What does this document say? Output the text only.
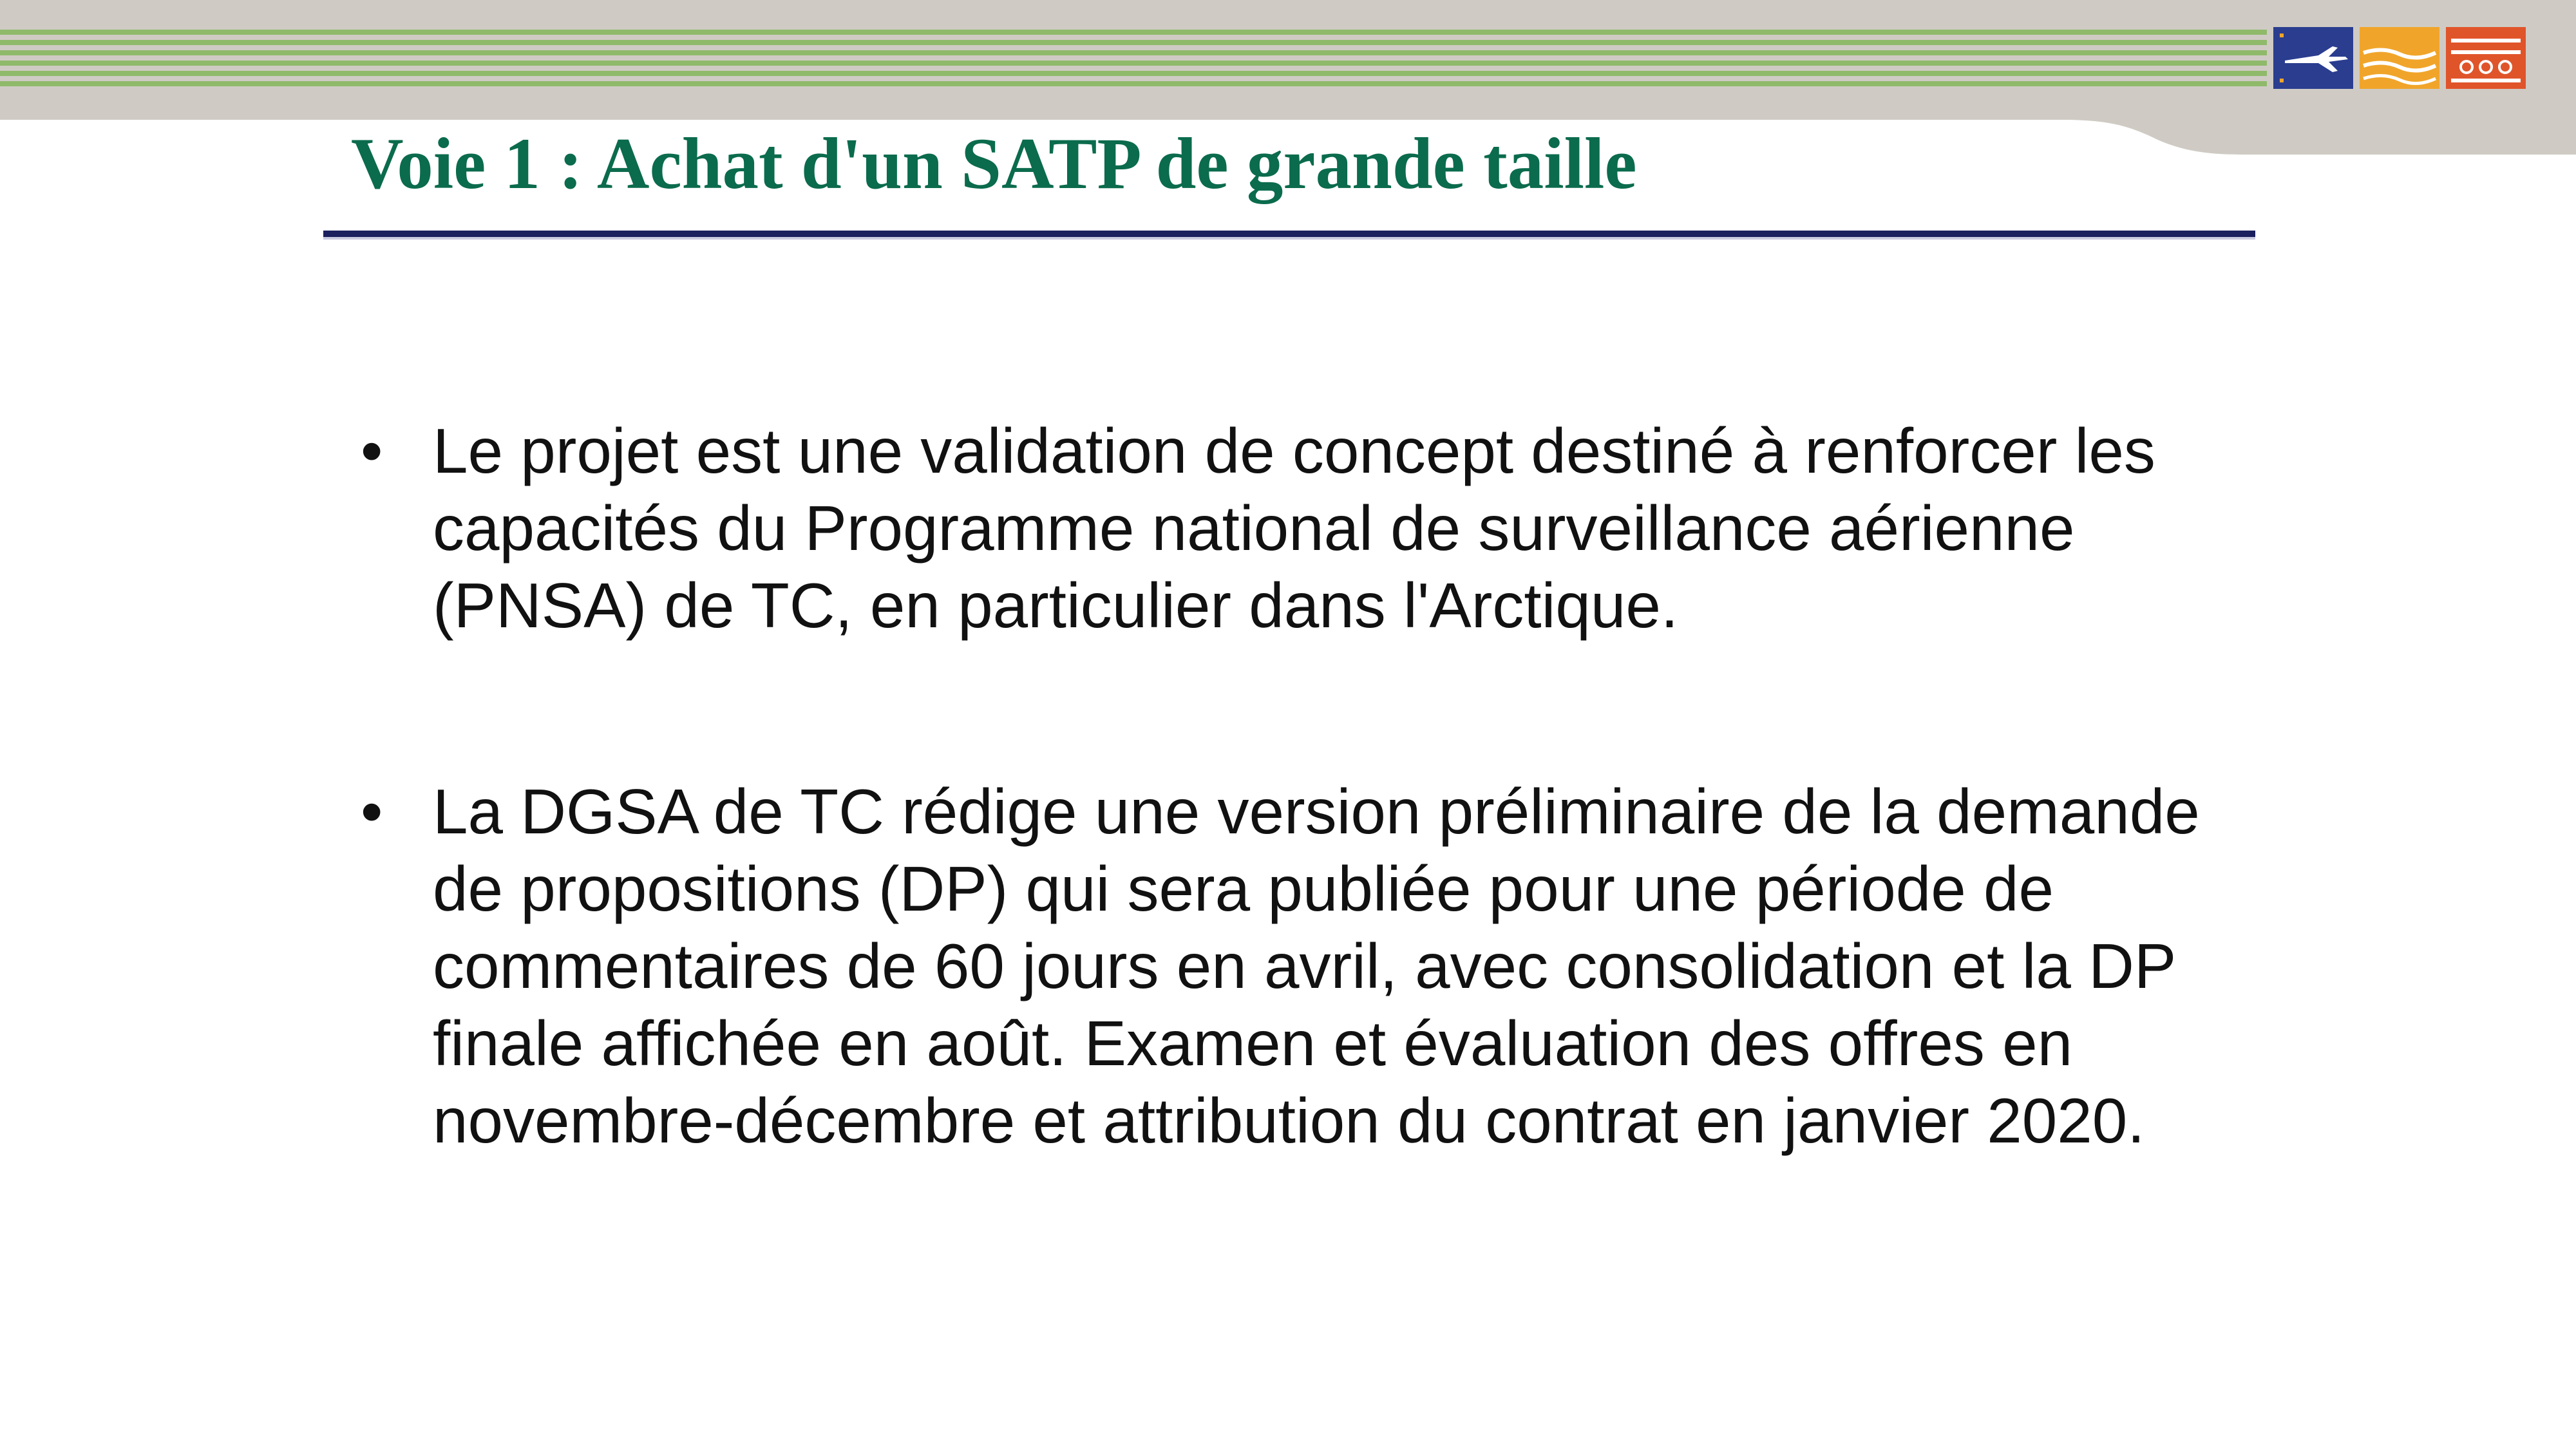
Voie 1 : Achat d'un SATP de grande taille
• Le projet est une validation de concept destiné à renforcer les capacités du Programme national de surveillance aérienne (PNSA) de TC, en particulier dans l'Arctique.
• La DGSA de TC rédige une version préliminaire de la demande de propositions (DP) qui sera publiée pour une période de commentaires de 60 jours en avril, avec consolidation et la DP finale affichée en août. Examen et évaluation des offres en novembre-décembre et attribution du contrat en janvier 2020.
